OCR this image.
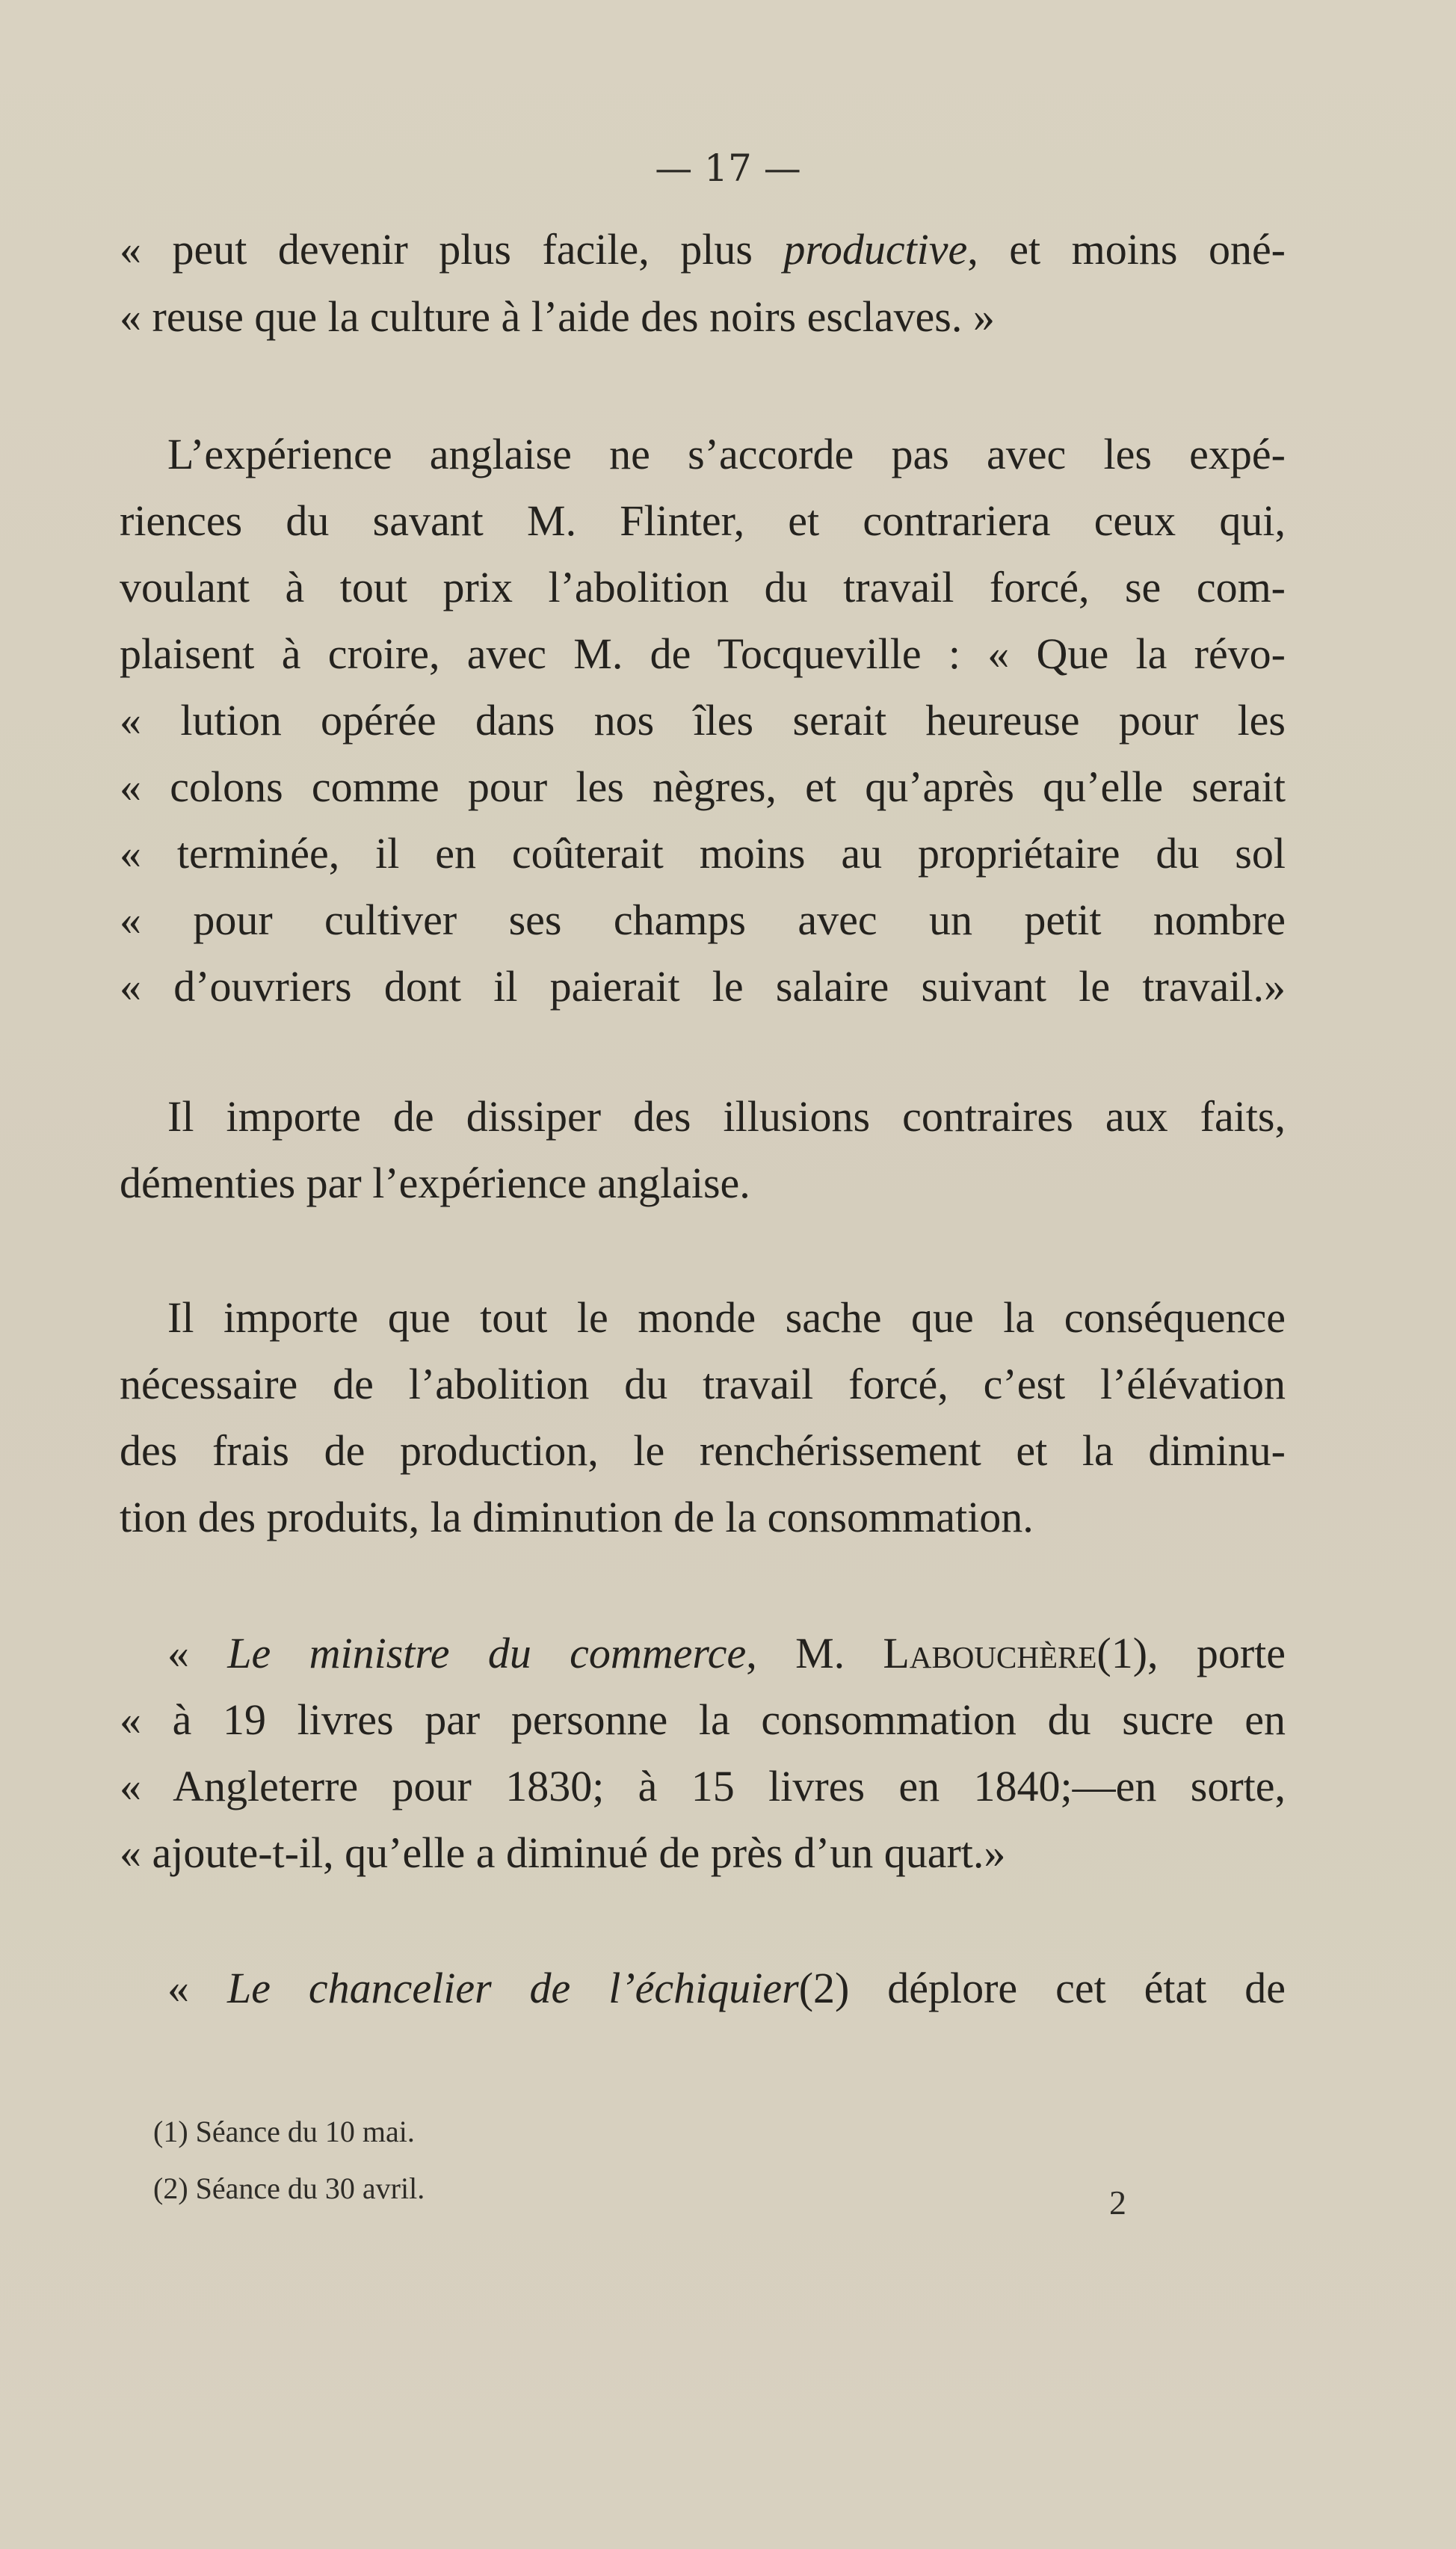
— 17 —
« peut devenir plus facile, plus productive, et moins oné-
« reuse que la culture à l’aide des noirs esclaves. »
L’expérience anglaise ne s’accorde pas avec les expé-
riences du savant M. Flinter, et contrariera ceux qui,
voulant à tout prix l’abolition du travail forcé, se com-
plaisent à croire, avec M. de Tocqueville : « Que la révo-
« lution opérée dans nos îles serait heureuse pour les
« colons comme pour les nègres, et qu’après qu’elle serait
« terminée, il en coûterait moins au propriétaire du sol
« pour cultiver ses champs avec un petit nombre
« d’ouvriers dont il paierait le salaire suivant le travail.»
Il importe de dissiper des illusions contraires aux faits,
démenties par l’expérience anglaise.
Il importe que tout le monde sache que la conséquence
nécessaire de l’abolition du travail forcé, c’est l’élévation
des frais de production, le renchérissement et la diminu-
tion des produits, la diminution de la consommation.
« Le ministre du commerce, M. Labouchère(1), porte
« à 19 livres par personne la consommation du sucre en
« Angleterre pour 1830; à 15 livres en 1840;—en sorte,
« ajoute-t-il, qu’elle a diminué de près d’un quart.»
« Le chancelier de l’échiquier(2) déplore cet état de
(1) Séance du 10 mai.
(2) Séance du 30 avril.	2
